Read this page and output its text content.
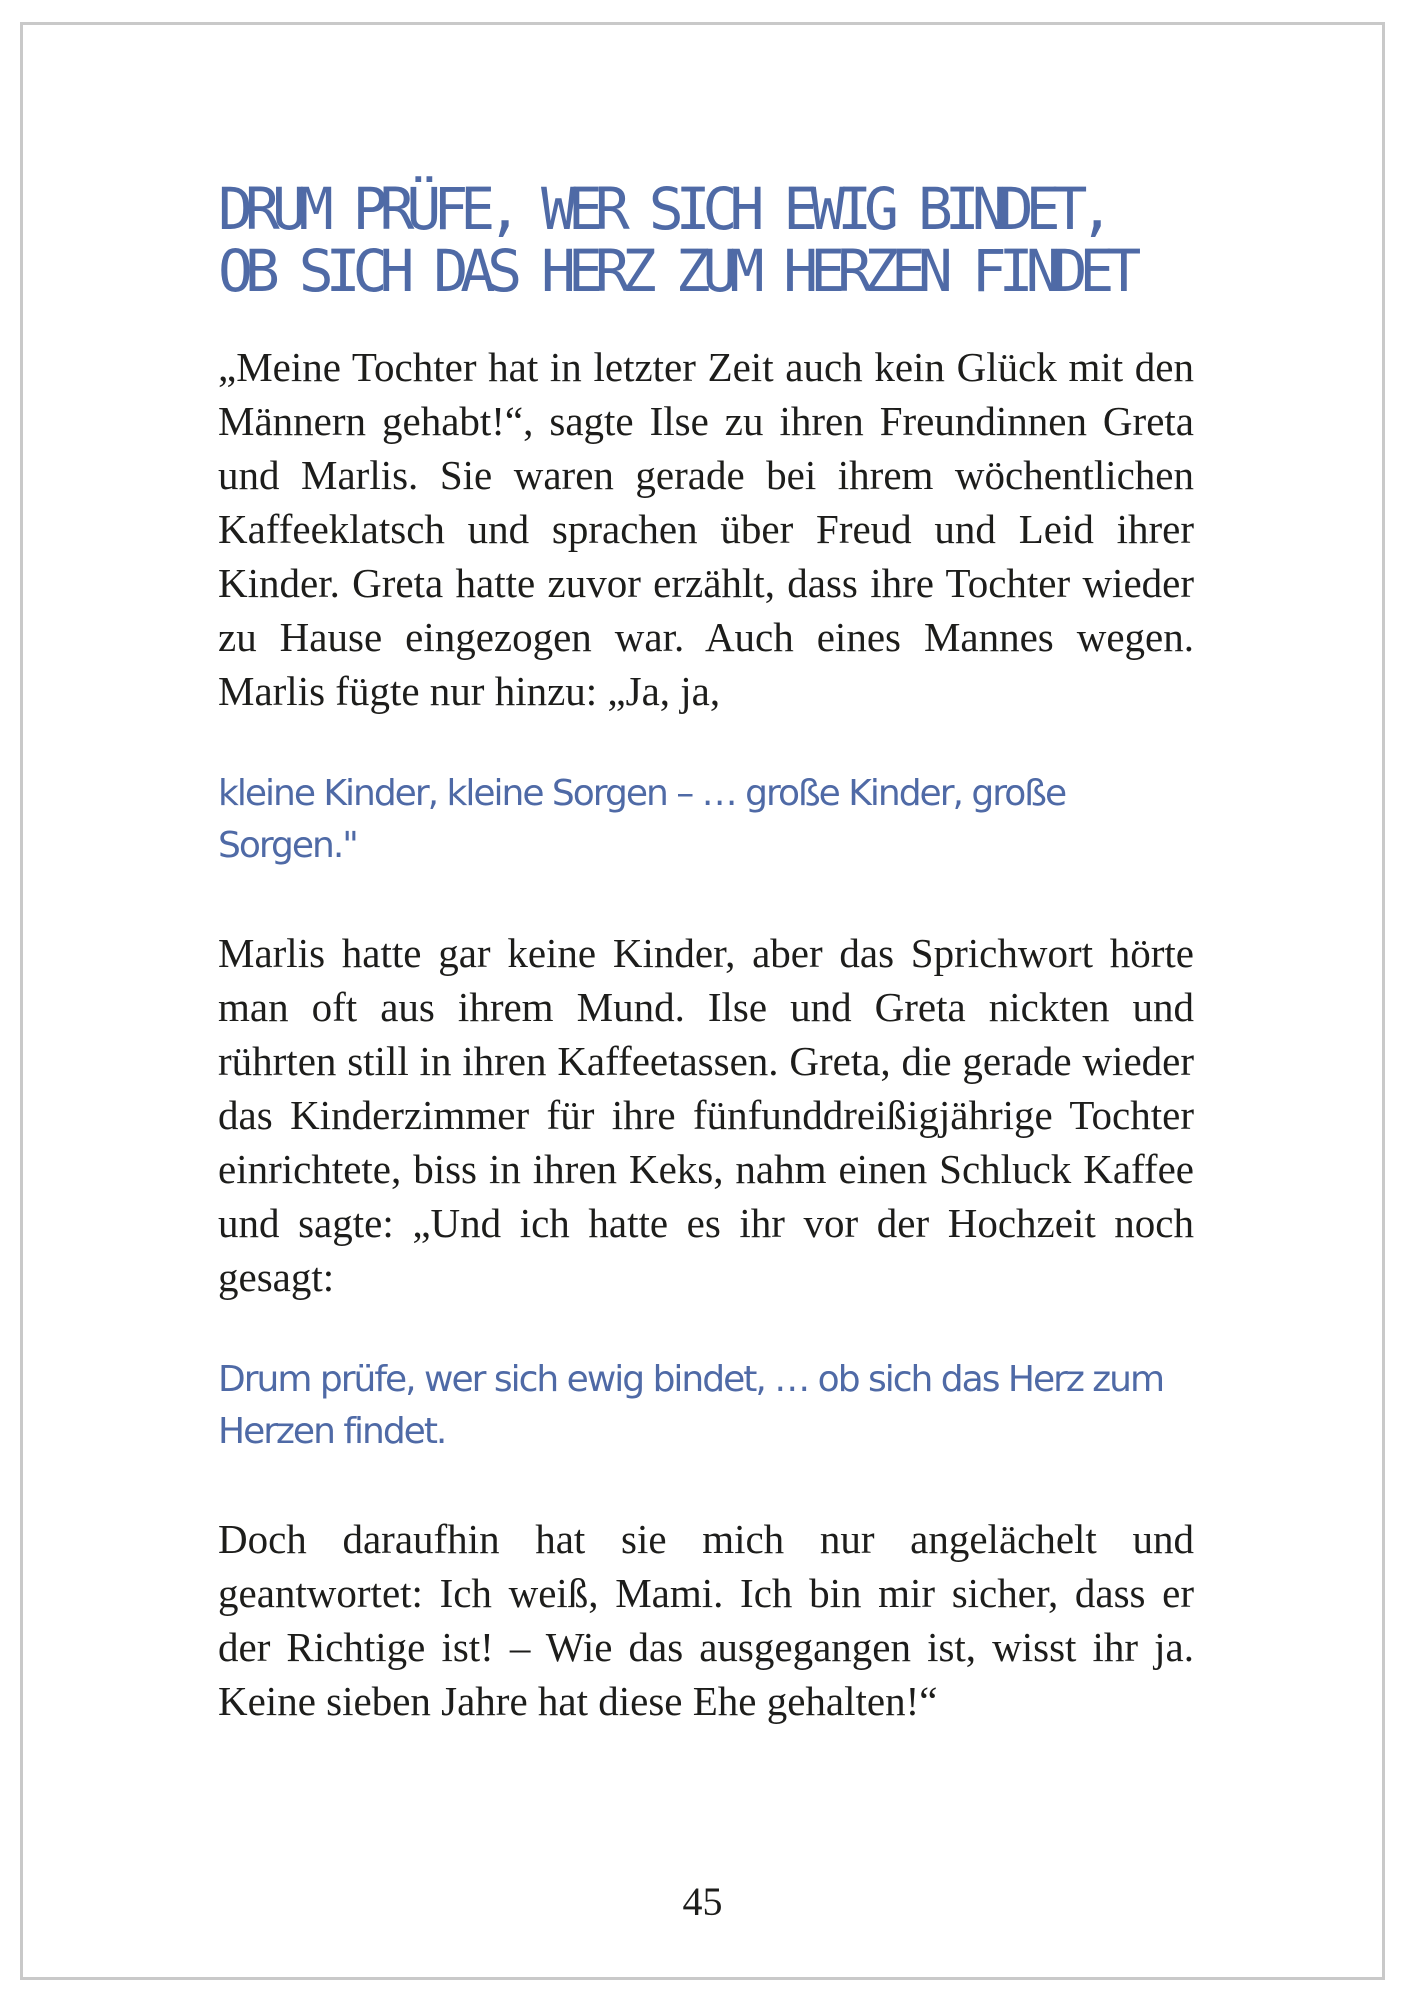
DRUM PRÜFE, WER SICH EWIG BINDET,
OB SICH DAS HERZ ZUM HERZEN FINDET

„Meine Tochter hat in letzter Zeit auch kein Glück mit den Männern gehabt!“, sagte Ilse zu ihren Freundinnen Greta und Marlis. Sie waren gerade bei ihrem wöchentlichen Kaffeeklatsch und sprachen über Freud und Leid ihrer Kinder. Greta hatte zuvor erzählt, dass ihre Tochter wieder zu Hause eingezogen war. Auch eines Mannes wegen. Marlis fügte nur hinzu: „Ja, ja,

kleine Kinder, kleine Sorgen – … große Kinder, große Sorgen."

Marlis hatte gar keine Kinder, aber das Sprichwort hörte man oft aus ihrem Mund. Ilse und Greta nickten und rührten still in ihren Kaffeetassen. Greta, die gerade wieder das Kinderzimmer für ihre fünfunddreißigjährige Tochter einrichtete, biss in ihren Keks, nahm einen Schluck Kaffee und sagte: „Und ich hatte es ihr vor der Hochzeit noch gesagt:

Drum prüfe, wer sich ewig bindet, … ob sich das Herz zum Herzen findet.

Doch daraufhin hat sie mich nur angelächelt und geantwortet: Ich weiß, Mami. Ich bin mir sicher, dass er der Richtige ist! – Wie das ausgegangen ist, wisst ihr ja. Keine sieben Jahre hat diese Ehe gehalten!“

45
